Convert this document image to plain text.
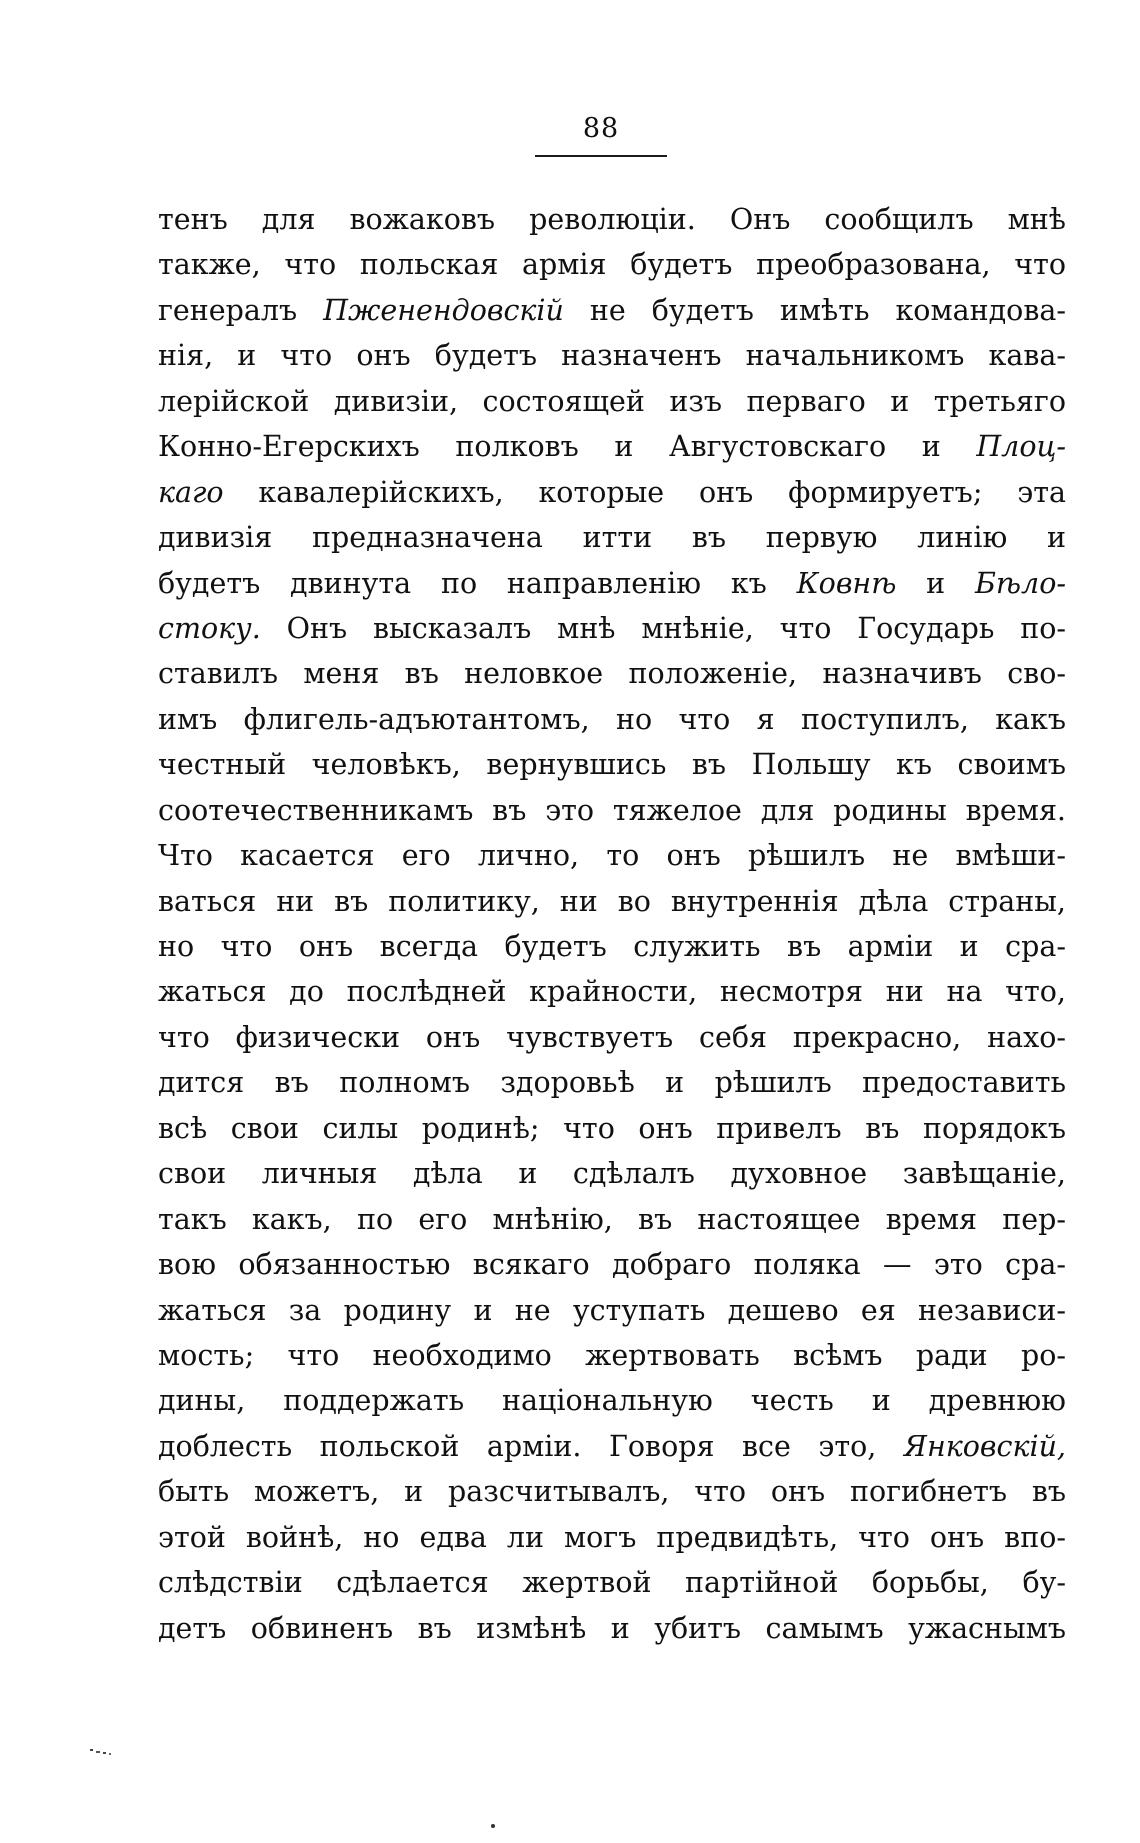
88
тенъ для вожаковъ революціи. Онъ сообщилъ мнѣ
также, что польская армія будетъ преобразована, что
генералъ Пженендовскій не будетъ имѣть командова-
нія, и что онъ будетъ назначенъ начальникомъ кава-
лерійской дивизіи, состоящей изъ перваго и третьяго
Конно-Егерскихъ полковъ и Августовскаго и Плоц-
каго кавалерійскихъ, которые онъ формируетъ; эта
дивизія предназначена итти въ первую линію и
будетъ двинута по направленію къ Ковнѣ и Бѣло-
стоку. Онъ высказалъ мнѣ мнѣніе, что Государь по-
ставилъ меня въ неловкое положеніе, назначивъ сво-
имъ флигель-адъютантомъ, но что я поступилъ, какъ
честный человѣкъ, вернувшись въ Польшу къ своимъ
соотечественникамъ въ это тяжелое для родины время.
Что касается его лично, то онъ рѣшилъ не вмѣши-
ваться ни въ политику, ни во внутреннія дѣла страны,
но что онъ всегда будетъ служить въ арміи и сра-
жаться до послѣдней крайности, несмотря ни на что,
что физически онъ чувствуетъ себя прекрасно, нахо-
дится въ полномъ здоровьѣ и рѣшилъ предоставить
всѣ свои силы родинѣ; что онъ привелъ въ порядокъ
свои личныя дѣла и сдѣлалъ духовное завѣщаніе,
такъ какъ, по его мнѣнію, въ настоящее время пер-
вою обязанностью всякаго добраго поляка — это сра-
жаться за родину и не уступать дешево ея независи-
мость; что необходимо жертвовать всѣмъ ради ро-
дины, поддержать національную честь и древнюю
доблесть польской арміи. Говоря все это, Янковскій,
быть можетъ, и разсчитывалъ, что онъ погибнетъ въ
этой войнѣ, но едва ли могъ предвидѣть, что онъ впо-
слѣдствіи сдѣлается жертвой партійной борьбы, бу-
детъ обвиненъ въ измѣнѣ и убитъ самымъ ужаснымъ
